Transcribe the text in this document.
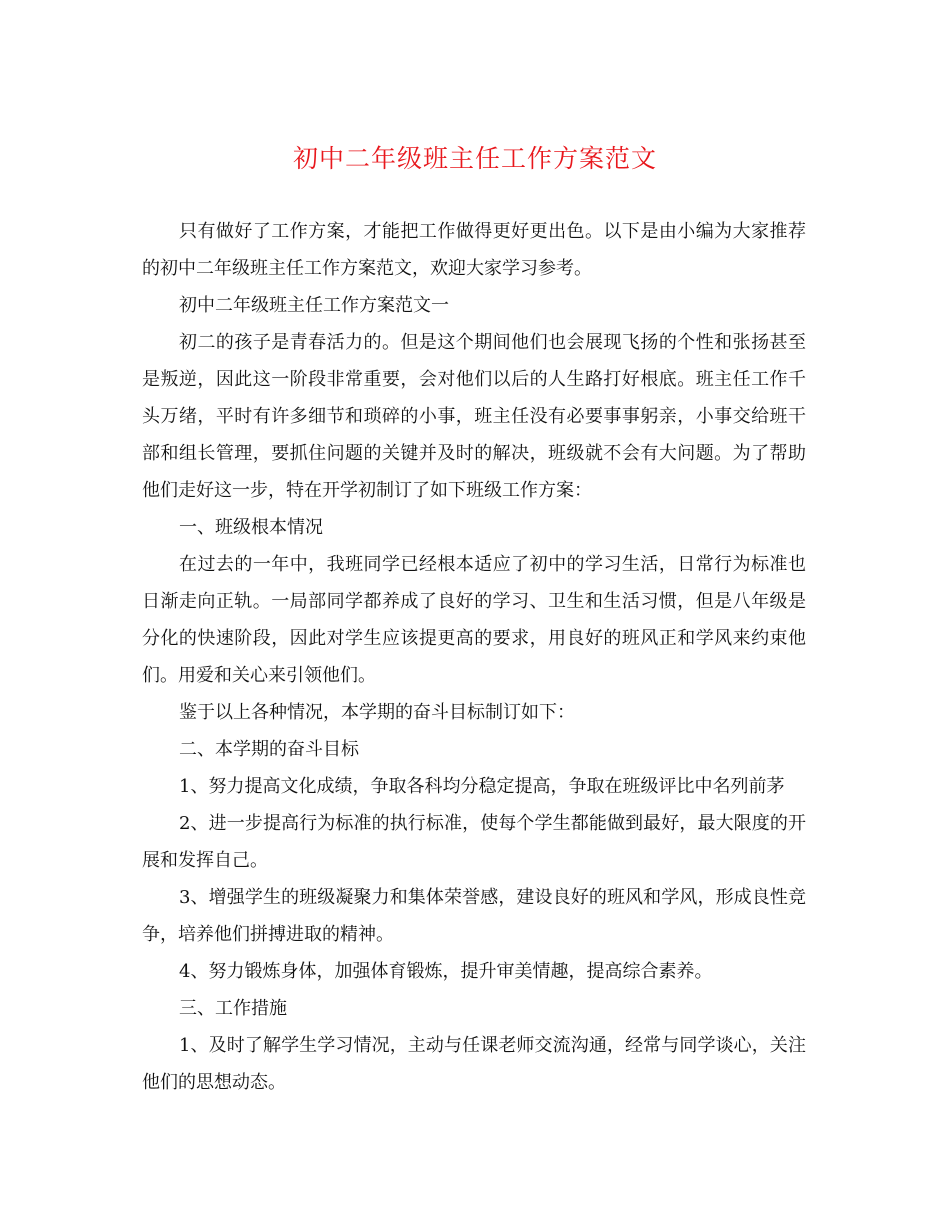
初中二年级班主任工作方案范文

只有做好了工作方案，才能把工作做得更好更出色。以下是由小编为大家推荐的初中二年级班主任工作方案范文，欢迎大家学习参考。

初中二年级班主任工作方案范文一

初二的孩子是青春活力的。但是这个期间他们也会展现飞扬的个性和张扬甚至是叛逆，因此这一阶段非常重要，会对他们以后的人生路打好根底。班主任工作千头万绪，平时有许多细节和琐碎的小事，班主任没有必要事事躬亲，小事交给班干部和组长管理，要抓住问题的关键并及时的解决，班级就不会有大问题。为了帮助他们走好这一步，特在开学初制订了如下班级工作方案：

一、班级根本情况

在过去的一年中，我班同学已经根本适应了初中的学习生活，日常行为标准也日渐走向正轨。一局部同学都养成了良好的学习、卫生和生活习惯，但是八年级是分化的快速阶段，因此对学生应该提更高的要求，用良好的班风正和学风来约束他们。用爱和关心来引领他们。

鉴于以上各种情况，本学期的奋斗目标制订如下：

二、本学期的奋斗目标

1、努力提高文化成绩，争取各科均分稳定提高，争取在班级评比中名列前茅

2、进一步提高行为标准的执行标准，使每个学生都能做到最好，最大限度的开展和发挥自己。

3、增强学生的班级凝聚力和集体荣誉感，建设良好的班风和学风，形成良性竞争，培养他们拼搏进取的精神。

4、努力锻炼身体，加强体育锻炼，提升审美情趣，提高综合素养。

三、工作措施

1、及时了解学生学习情况，主动与任课老师交流沟通，经常与同学谈心，关注他们的思想动态。
